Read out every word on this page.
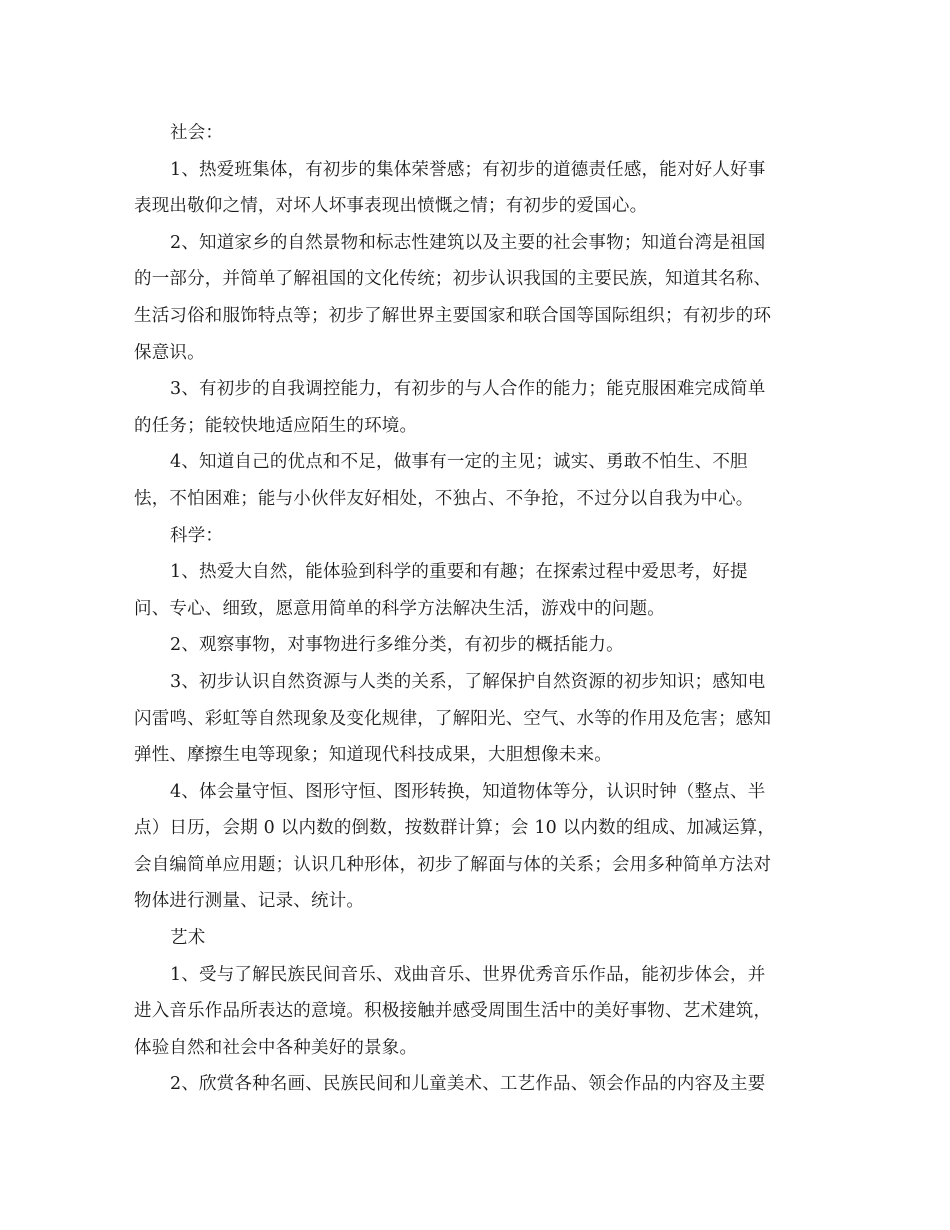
社会：
1、热爱班集体，有初步的集体荣誉感；有初步的道德责任感，能对好人好事
表现出敬仰之情，对坏人坏事表现出愤慨之情；有初步的爱国心。
2、知道家乡的自然景物和标志性建筑以及主要的社会事物；知道台湾是祖国
的一部分，并简单了解祖国的文化传统；初步认识我国的主要民族，知道其名称、
生活习俗和服饰特点等；初步了解世界主要国家和联合国等国际组织；有初步的环
保意识。
3、有初步的自我调控能力，有初步的与人合作的能力；能克服困难完成简单
的任务；能较快地适应陌生的环境。
4、知道自己的优点和不足，做事有一定的主见；诚实、勇敢不怕生、不胆
怯，不怕困难；能与小伙伴友好相处，不独占、不争抢，不过分以自我为中心。
科学：
1、热爱大自然，能体验到科学的重要和有趣；在探索过程中爱思考，好提
问、专心、细致，愿意用简单的科学方法解决生活，游戏中的问题。
2、观察事物，对事物进行多维分类，有初步的概括能力。
3、初步认识自然资源与人类的关系，了解保护自然资源的初步知识；感知电
闪雷鸣、彩虹等自然现象及变化规律，了解阳光、空气、水等的作用及危害；感知
弹性、摩擦生电等现象；知道现代科技成果，大胆想像未来。
4、体会量守恒、图形守恒、图形转换，知道物体等分，认识时钟（整点、半
点）日历，会期 0 以内数的倒数，按数群计算；会 10 以内数的组成、加减运算，
会自编简单应用题；认识几种形体，初步了解面与体的关系；会用多种简单方法对
物体进行测量、记录、统计。
艺术
1、受与了解民族民间音乐、戏曲音乐、世界优秀音乐作品，能初步体会，并
进入音乐作品所表达的意境。积极接触并感受周围生活中的美好事物、艺术建筑，
体验自然和社会中各种美好的景象。
2、欣赏各种名画、民族民间和儿童美术、工艺作品、领会作品的内容及主要
